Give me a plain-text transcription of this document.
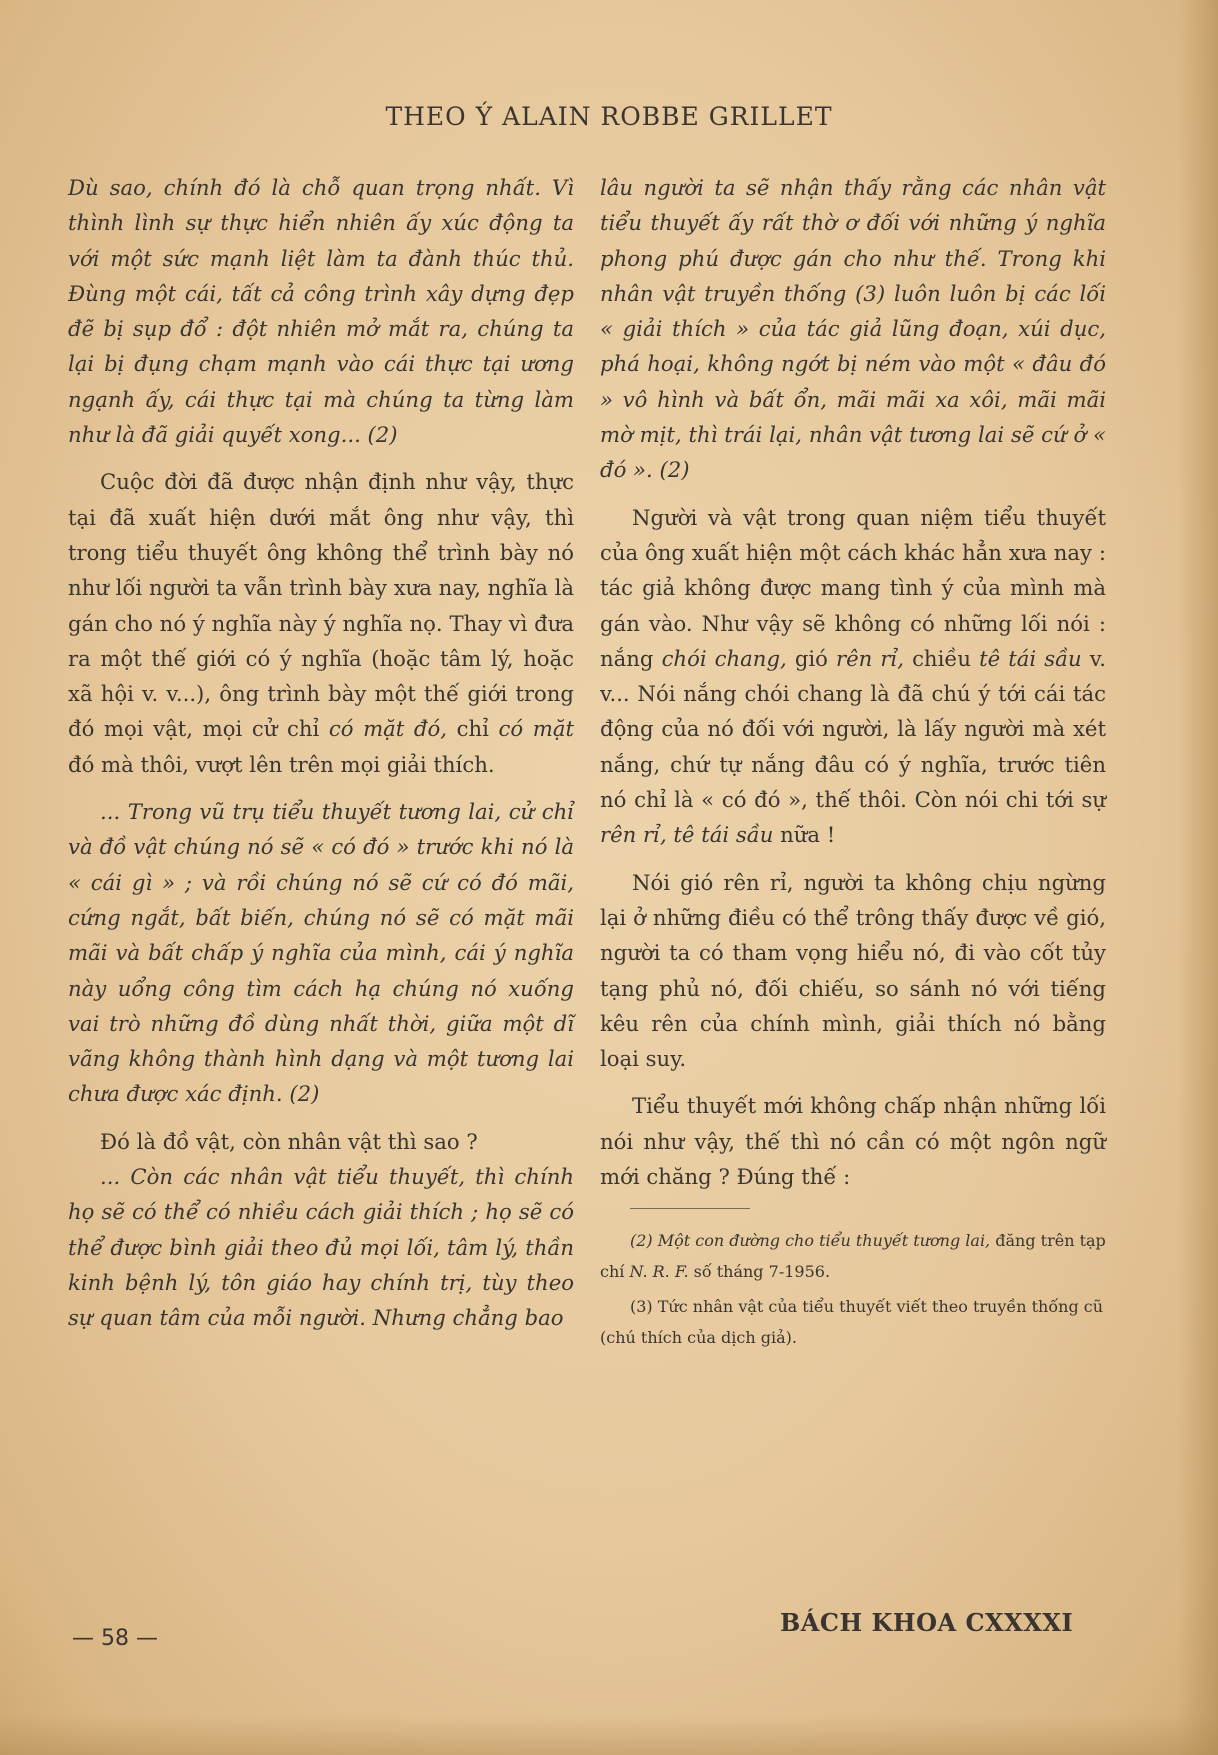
THEO Ý ALAIN ROBBE GRILLET

Dù sao, chính đó là chỗ quan trọng nhất. Vì thình lình sự thực hiển nhiên ấy xúc động ta với một sức mạnh liệt làm ta đành thúc thủ. Đùng một cái, tất cả công trình xây dựng đẹp đẽ bị sụp đổ : đột nhiên mở mắt ra, chúng ta lại bị đụng chạm mạnh vào cái thực tại ương ngạnh ấy, cái thực tại mà chúng ta từng làm như là đã giải quyết xong... (2)

Cuộc đời đã được nhận định như vậy, thực tại đã xuất hiện dưới mắt ông như vậy, thì trong tiểu thuyết ông không thể trình bày nó như lối người ta vẫn trình bày xưa nay, nghĩa là gán cho nó ý nghĩa này ý nghĩa nọ. Thay vì đưa ra một thế giới có ý nghĩa (hoặc tâm lý, hoặc xã hội v. v...), ông trình bày một thế giới trong đó mọi vật, mọi cử chỉ có mặt đó, chỉ có mặt đó mà thôi, vượt lên trên mọi giải thích.

... Trong vũ trụ tiểu thuyết tương lai, cử chỉ và đồ vật chúng nó sẽ « có đó » trước khi nó là « cái gì » ; và rồi chúng nó sẽ cứ có đó mãi, cứng ngắt, bất biến, chúng nó sẽ có mặt mãi mãi và bất chấp ý nghĩa của mình, cái ý nghĩa này uổng công tìm cách hạ chúng nó xuống vai trò những đồ dùng nhất thời, giữa một dĩ vãng không thành hình dạng và một tương lai chưa được xác định. (2)

Đó là đồ vật, còn nhân vật thì sao ?

... Còn các nhân vật tiểu thuyết, thì chính họ sẽ có thể có nhiều cách giải thích ; họ sẽ có thể được bình giải theo đủ mọi lối, tâm lý, thần kinh bệnh lý, tôn giáo hay chính trị, tùy theo sự quan tâm của mỗi người. Nhưng chẳng bao

lâu người ta sẽ nhận thấy rằng các nhân vật tiểu thuyết ấy rất thờ ơ đối với những ý nghĩa phong phú được gán cho như thế. Trong khi nhân vật truyền thống (3) luôn luôn bị các lối « giải thích » của tác giả lũng đoạn, xúi dục, phá hoại, không ngớt bị ném vào một « đâu đó » vô hình và bất ổn, mãi mãi xa xôi, mãi mãi mờ mịt, thì trái lại, nhân vật tương lai sẽ cứ ở « đó ». (2)

Người và vật trong quan niệm tiểu thuyết của ông xuất hiện một cách khác hẳn xưa nay : tác giả không được mang tình ý của mình mà gán vào. Như vậy sẽ không có những lối nói : nắng chói chang, gió rên rỉ, chiều tê tái sầu v. v... Nói nắng chói chang là đã chú ý tới cái tác động của nó đối với người, là lấy người mà xét nắng, chứ tự nắng đâu có ý nghĩa, trước tiên nó chỉ là « có đó », thế thôi. Còn nói chi tới sự rên rỉ, tê tái sầu nữa !

Nói gió rên rỉ, người ta không chịu ngừng lại ở những điều có thể trông thấy được về gió, người ta có tham vọng hiểu nó, đi vào cốt tủy tạng phủ nó, đối chiếu, so sánh nó với tiếng kêu rên của chính mình, giải thích nó bằng loại suy.

Tiểu thuyết mới không chấp nhận những lối nói như vậy, thế thì nó cần có một ngôn ngữ mới chăng ? Đúng thế :

(2) Một con đường cho tiểu thuyết tương lai, đăng trên tạp chí N. R. F. số tháng 7-1956.

(3) Tức nhân vật của tiểu thuyết viết theo truyền thống cũ (chú thích của dịch giả).

— 58 —
BÁCH KHOA CXXXXI
